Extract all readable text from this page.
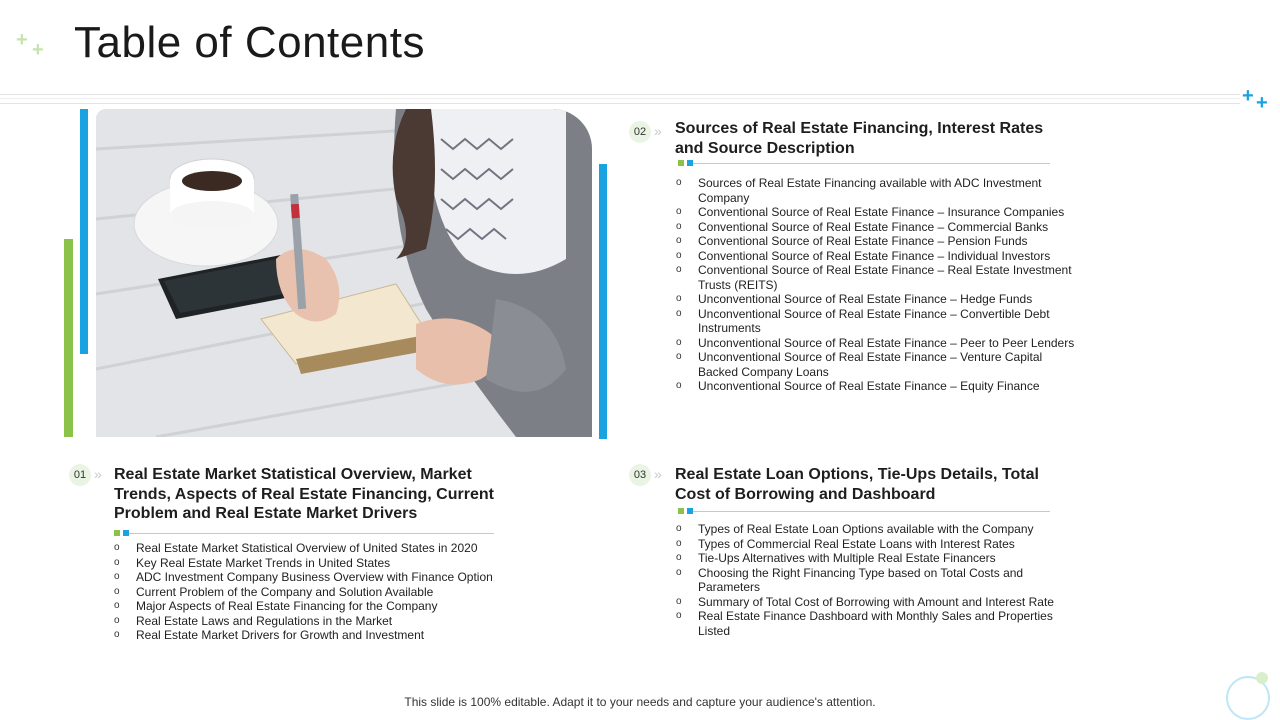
+ + Table of Contents
+ +
02 » Sources of Real Estate Financing, Interest Rates and Source Description
o Sources of Real Estate Financing available with ADC Investment Company
o Conventional Source of Real Estate Finance – Insurance Companies
o Conventional Source of Real Estate Finance – Commercial Banks
o Conventional Source of Real Estate Finance – Pension Funds
o Conventional Source of Real Estate Finance – Individual Investors
o Conventional Source of Real Estate Finance – Real Estate Investment Trusts (REITS)
o Unconventional Source of Real Estate Finance – Hedge Funds
o Unconventional Source of Real Estate Finance – Convertible Debt Instruments
o Unconventional Source of Real Estate Finance – Peer to Peer Lenders
o Unconventional Source of Real Estate Finance – Venture Capital Backed Company Loans
o Unconventional Source of Real Estate Finance – Equity Finance
01 » Real Estate Market Statistical Overview, Market Trends, Aspects of Real Estate Financing, Current Problem and Real Estate Market Drivers
o Real Estate Market Statistical Overview of United States in 2020
o Key Real Estate Market Trends in United States
o ADC Investment Company Business Overview with Finance Option
o Current Problem of the Company and Solution Available
o Major Aspects of Real Estate Financing for the Company
o Real Estate Laws and Regulations in the Market
o Real Estate Market Drivers for Growth and Investment
03 » Real Estate Loan Options, Tie-Ups Details, Total Cost of Borrowing and Dashboard
o Types of Real Estate Loan Options available with the Company
o Types of Commercial Real Estate Loans with Interest Rates
o Tie-Ups Alternatives with Multiple Real Estate Financers
o Choosing the Right Financing Type based on Total Costs and Parameters
o Summary of Total Cost of Borrowing with Amount and Interest Rate
o Real Estate Finance Dashboard with Monthly Sales and Properties Listed
This slide is 100% editable. Adapt it to your needs and capture your audience's attention.
